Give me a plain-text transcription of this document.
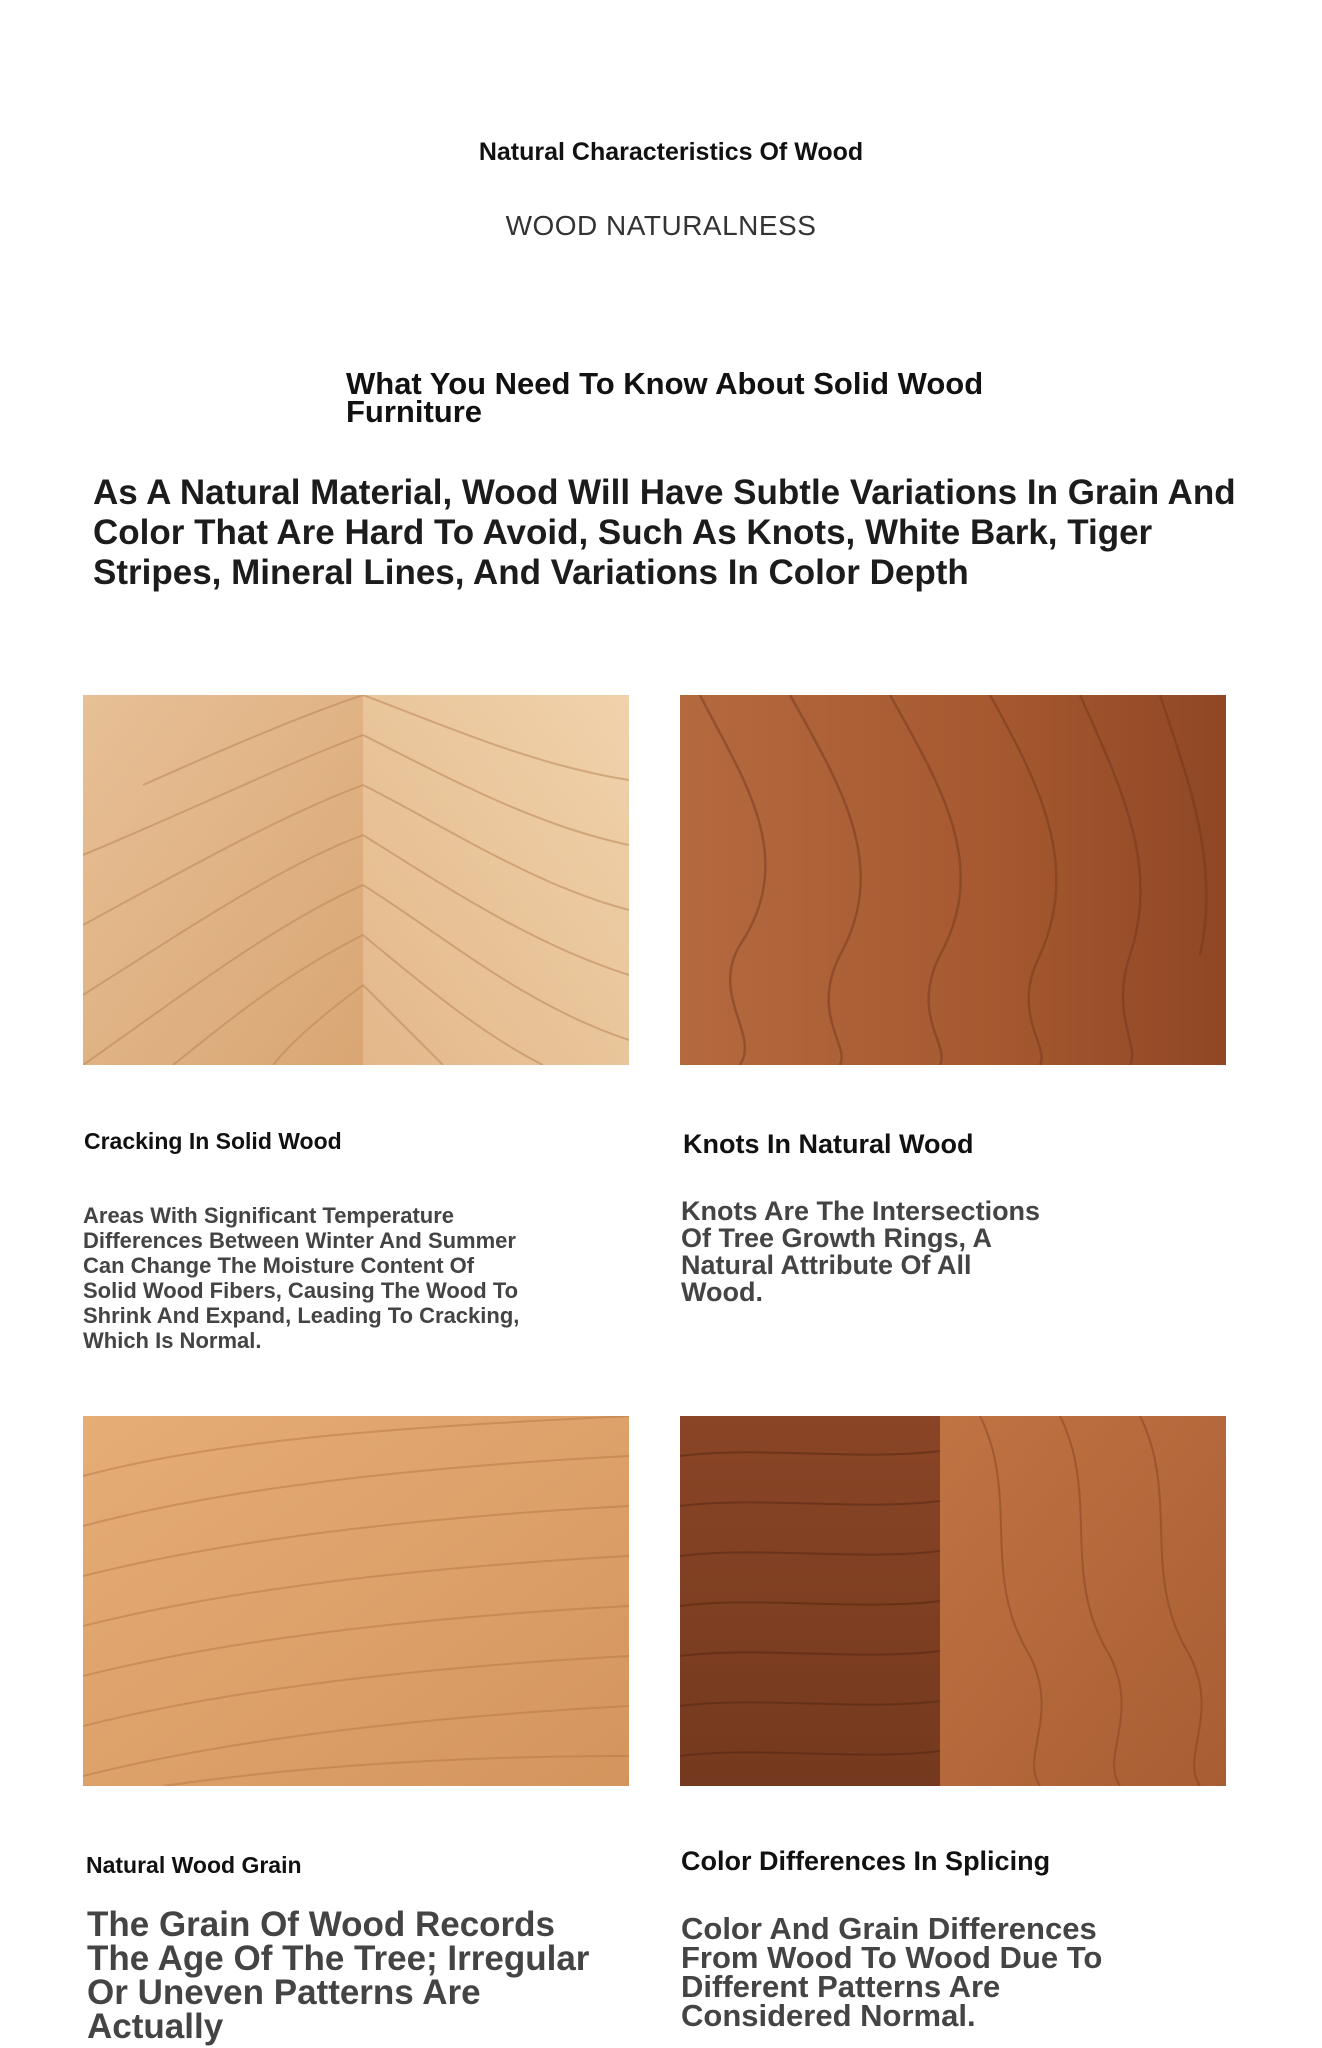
Natural Characteristics Of Wood
WOOD NATURALNESS
What You Need To Know About Solid Wood Furniture
As A Natural Material, Wood Will Have Subtle Variations In Grain And Color That Are Hard To Avoid, Such As Knots, White Bark, Tiger Stripes, Mineral Lines, And Variations In Color Depth
Cracking In Solid Wood	Knots In Natural Wood
Natural Wood Grain	Color Differences In Splicing
Areas With Significant Temperature Differences Between Winter And Summer Can Change The Moisture Content Of Solid Wood Fibers, Causing The Wood To Shrink And Expand, Leading To Cracking, Which Is Normal.
Knots Are The Intersections Of Tree Growth Rings, A Natural Attribute Of All Wood.
The Grain Of Wood Records The Age Of The Tree; Irregular Or Uneven Patterns Are Actually
Color And Grain Differences From Wood To Wood Due To Different Patterns Are Considered Normal.
